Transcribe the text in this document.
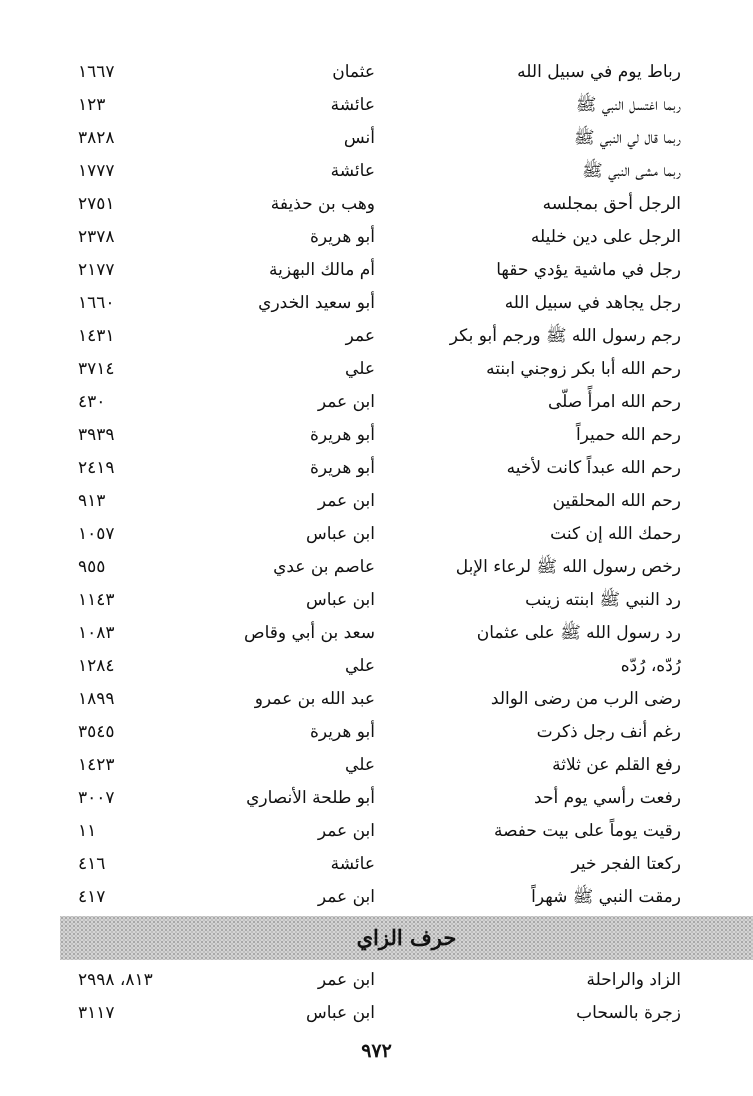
رباط يوم في سبيل الله
عثمان
١٦٦٧
ربما اغتسل النبي ﷺ
عائشة
١٢٣
ربما قال لي النبي ﷺ
أنس
٣٨٢٨
ربما مشى النبي ﷺ
عائشة
١٧٧٧
الرجل أحق بمجلسه
وهب بن حذيفة
٢٧٥١
الرجل على دين خليله
أبو هريرة
٢٣٧٨
رجل في ماشية يؤدي حقها
أم مالك البهزية
٢١٧٧
رجل يجاهد في سبيل الله
أبو سعيد الخدري
١٦٦٠
رجم رسول الله ﷺ ورجم أبو بكر
عمر
١٤٣١
رحم الله أبا بكر زوجني ابنته
علي
٣٧١٤
رحم الله امرأً صلّى
ابن عمر
٤٣٠
رحم الله حميراً
أبو هريرة
٣٩٣٩
رحم الله عبداً كانت لأخيه
أبو هريرة
٢٤١٩
رحم الله المحلقين
ابن عمر
٩١٣
رحمك الله إن كنت
ابن عباس
١٠٥٧
رخص رسول الله ﷺ لرعاء الإبل
عاصم بن عدي
٩٥٥
رد النبي ﷺ ابنته زينب
ابن عباس
١١٤٣
رد رسول الله ﷺ على عثمان
سعد بن أبي وقاص
١٠٨٣
رُدّه، رُدّه
علي
١٢٨٤
رضى الرب من رضى الوالد
عبد الله بن عمرو
١٨٩٩
رغم أنف رجل ذكرت
أبو هريرة
٣٥٤٥
رفع القلم عن ثلاثة
علي
١٤٢٣
رفعت رأسي يوم أحد
أبو طلحة الأنصاري
٣٠٠٧
رقيت يوماً على بيت حفصة
ابن عمر
١١
ركعتا الفجر خير
عائشة
٤١٦
رمقت النبي ﷺ شهراً
ابن عمر
٤١٧
حرف الزاي
الزاد والراحلة
ابن عمر
٨١٣، ٢٩٩٨
زجرة بالسحاب
ابن عباس
٣١١٧
٩٧٢
